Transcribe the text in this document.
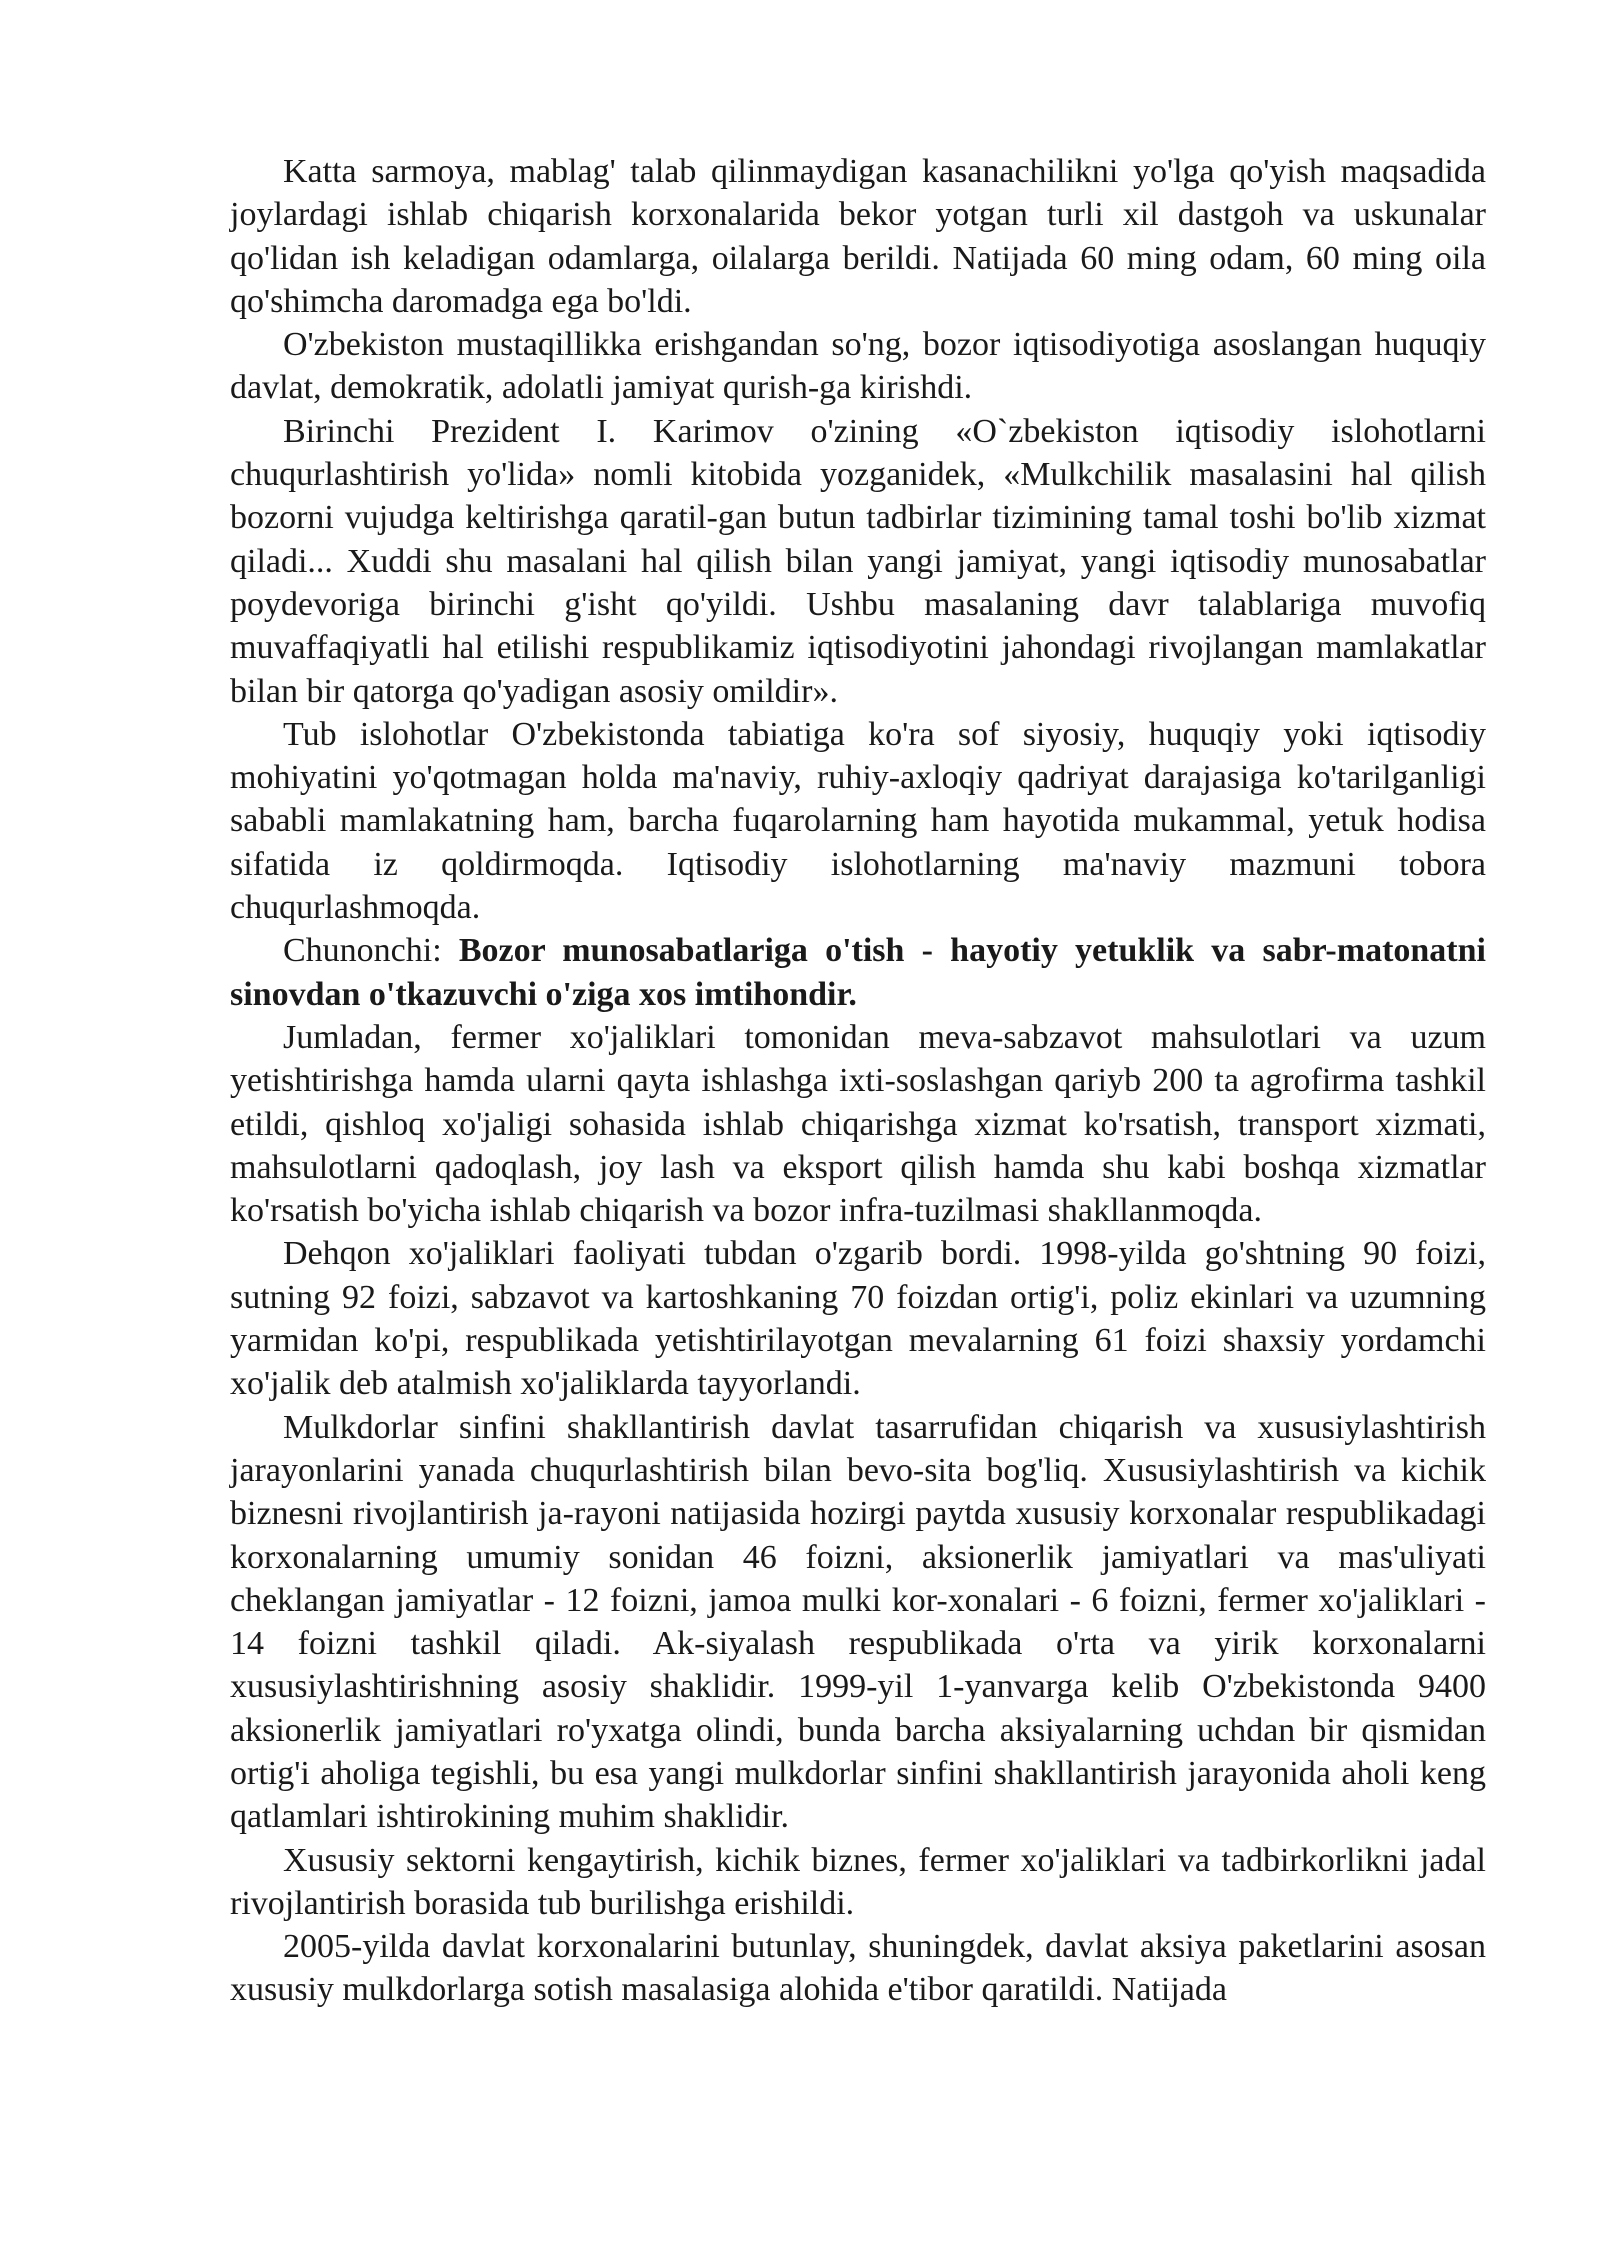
Katta sarmoya, mablag' talab qilinmaydigan kasanachilikni yo'lga qo'yish maqsadida joylardagi ishlab chiqarish korxonalarida bekor yotgan turli xil dastgoh va uskunalar qo'lidan ish keladigan odamlarga, oilalarga berildi. Natijada 60 ming odam, 60 ming oila qo'shimcha daromadga ega bo'ldi.

O'zbekiston mustaqillikka erishgandan so'ng, bozor iqtisodiyotiga asoslangan huquqiy davlat, demokratik, adolatli jamiyat qurish-ga kirishdi.

Birinchi Prezident I. Karimov o'zining «O`zbekiston iqtisodiy islohotlarni chuqurlashtirish yo'lida» nomli kitobida yozganidek, «Mulkchilik masalasini hal qilish bozorni vujudga keltirishga qaratil-gan butun tadbirlar tizimining tamal toshi bo'lib xizmat qiladi... Xuddi shu masalani hal qilish bilan yangi jamiyat, yangi iqtisodiy munosabatlar poydevoriga birinchi g'isht qo'yildi. Ushbu masalaning davr talablariga muvofiq muvaffaqiyatli hal etilishi respublikamiz iqtisodiyotini jahondagi rivojlangan mamlakatlar bilan bir qatorga qo'yadigan asosiy omildir».

Tub islohotlar O'zbekistonda tabiatiga ko'ra sof siyosiy, huquqiy yoki iqtisodiy mohiyatini yo'qotmagan holda ma'naviy, ruhiy-axloqiy qadriyat darajasiga ko'tarilganligi sababli mamlakatning ham, barcha fuqarolarning ham hayotida mukammal, yetuk hodisa sifatida iz qoldirmoqda. Iqtisodiy islohotlarning ma'naviy mazmuni tobora chuqurlashmoqda.

Chunonchi: Bozor munosabatlariga o'tish - hayotiy yetuklik va sabr-matonatni sinovdan o'tkazuvchi o'ziga xos imtihondir.

Jumladan, fermer xo'jaliklari tomonidan meva-sabzavot mahsulotlari va uzum yetishtirishga hamda ularni qayta ishlashga ixti-soslashgan qariyb 200 ta agrofirma tashkil etildi, qishloq xo'jaligi sohasida ishlab chiqarishga xizmat ko'rsatish, transport xizmati, mahsulotlarni qadoqlash, joy lash va eksport qilish hamda shu kabi boshqa xizmatlar ko'rsatish bo'yicha ishlab chiqarish va bozor infra-tuzilmasi shakllanmoqda.

Dehqon xo'jaliklari faoliyati tubdan o'zgarib bordi. 1998-yilda go'shtning 90 foizi, sutning 92 foizi, sabzavot va kartoshkaning 70 foizdan ortig'i, poliz ekinlari va uzumning yarmidan ko'pi, respublikada yetishtirilayotgan mevalarning 61 foizi shaxsiy yordamchi xo'jalik deb atalmish xo'jaliklarda tayyorlandi.

Mulkdorlar sinfini shakllantirish davlat tasarrufidan chiqarish va xususiylashtirish jarayonlarini yanada chuqurlashtirish bilan bevo-sita bog'liq. Xususiylashtirish va kichik biznesni rivojlantirish ja-rayoni natijasida hozirgi paytda xususiy korxonalar respublikadagi korxonalarning umumiy sonidan 46 foizni, aksionerlik jamiyatlari va mas'uliyati cheklangan jamiyatlar - 12 foizni, jamoa mulki kor-xonalari - 6 foizni, fermer xo'jaliklari - 14 foizni tashkil qiladi. Ak-siyalash respublikada o'rta va yirik korxonalarni xususiylashtirishning asosiy shaklidir. 1999-yil 1-yanvarga kelib O'zbekistonda 9400 aksionerlik jamiyatlari ro'yxatga olindi, bunda barcha aksiyalarning uchdan bir qismidan ortig'i aholiga tegishli, bu esa yangi mulkdorlar sinfini shakllantirish jarayonida aholi keng qatlamlari ishtirokining muhim shaklidir.

Xususiy sektorni kengaytirish, kichik biznes, fermer xo'jaliklari va tadbirkorlikni jadal rivojlantirish borasida tub burilishga erishildi.

2005-yilda davlat korxonalarini butunlay, shuningdek, davlat aksiya paketlarini asosan xususiy mulkdorlarga sotish masalasiga alohida e'tibor qaratildi. Natijada
